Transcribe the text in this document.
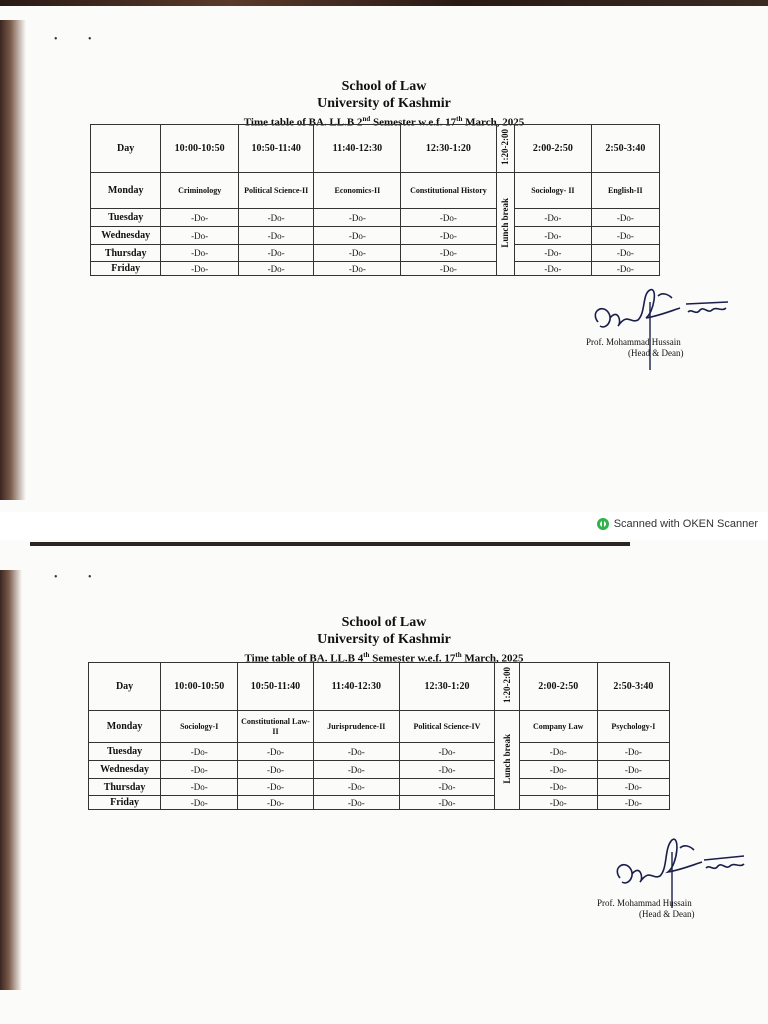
• •
School of Law
University of Kashmir
Time table of BA. LL.B 2nd Semester w.e.f. 17th March, 2025
Day	10:00-10:50	10:50-11:40	11:40-12:30	12:30-1:20	1:20-2:00	2:00-2:50	2:50-3:40
Monday	Criminology	Political Science-II	Economics-II	Constitutional History	Lunch break	Sociology- II	English-II
Tuesday	-Do-	-Do-	-Do-	-Do-		-Do-	-Do-
Wednesday	-Do-	-Do-	-Do-	-Do-		-Do-	-Do-
Thursday	-Do-	-Do-	-Do-	-Do-		-Do-	-Do-
Friday	-Do-	-Do-	-Do-	-Do-		-Do-	-Do-
Prof. Mohammad Hussain
(Head & Dean)
Scanned with OKEN Scanner
• •
School of Law
University of Kashmir
Time table of BA. LL.B 4th Semester w.e.f. 17th March, 2025
Day	10:00-10:50	10:50-11:40	11:40-12:30	12:30-1:20	1:20-2:00	2:00-2:50	2:50-3:40
Monday	Sociology-I	Constitutional Law-II	Jurisprudence-II	Political Science-IV	Lunch break	Company Law	Psychology-I
Tuesday	-Do-	-Do-	-Do-	-Do-		-Do-	-Do-
Wednesday	-Do-	-Do-	-Do-	-Do-		-Do-	-Do-
Thursday	-Do-	-Do-	-Do-	-Do-		-Do-	-Do-
Friday	-Do-	-Do-	-Do-	-Do-		-Do-	-Do-
Prof. Mohammad Hussain
(Head & Dean)
